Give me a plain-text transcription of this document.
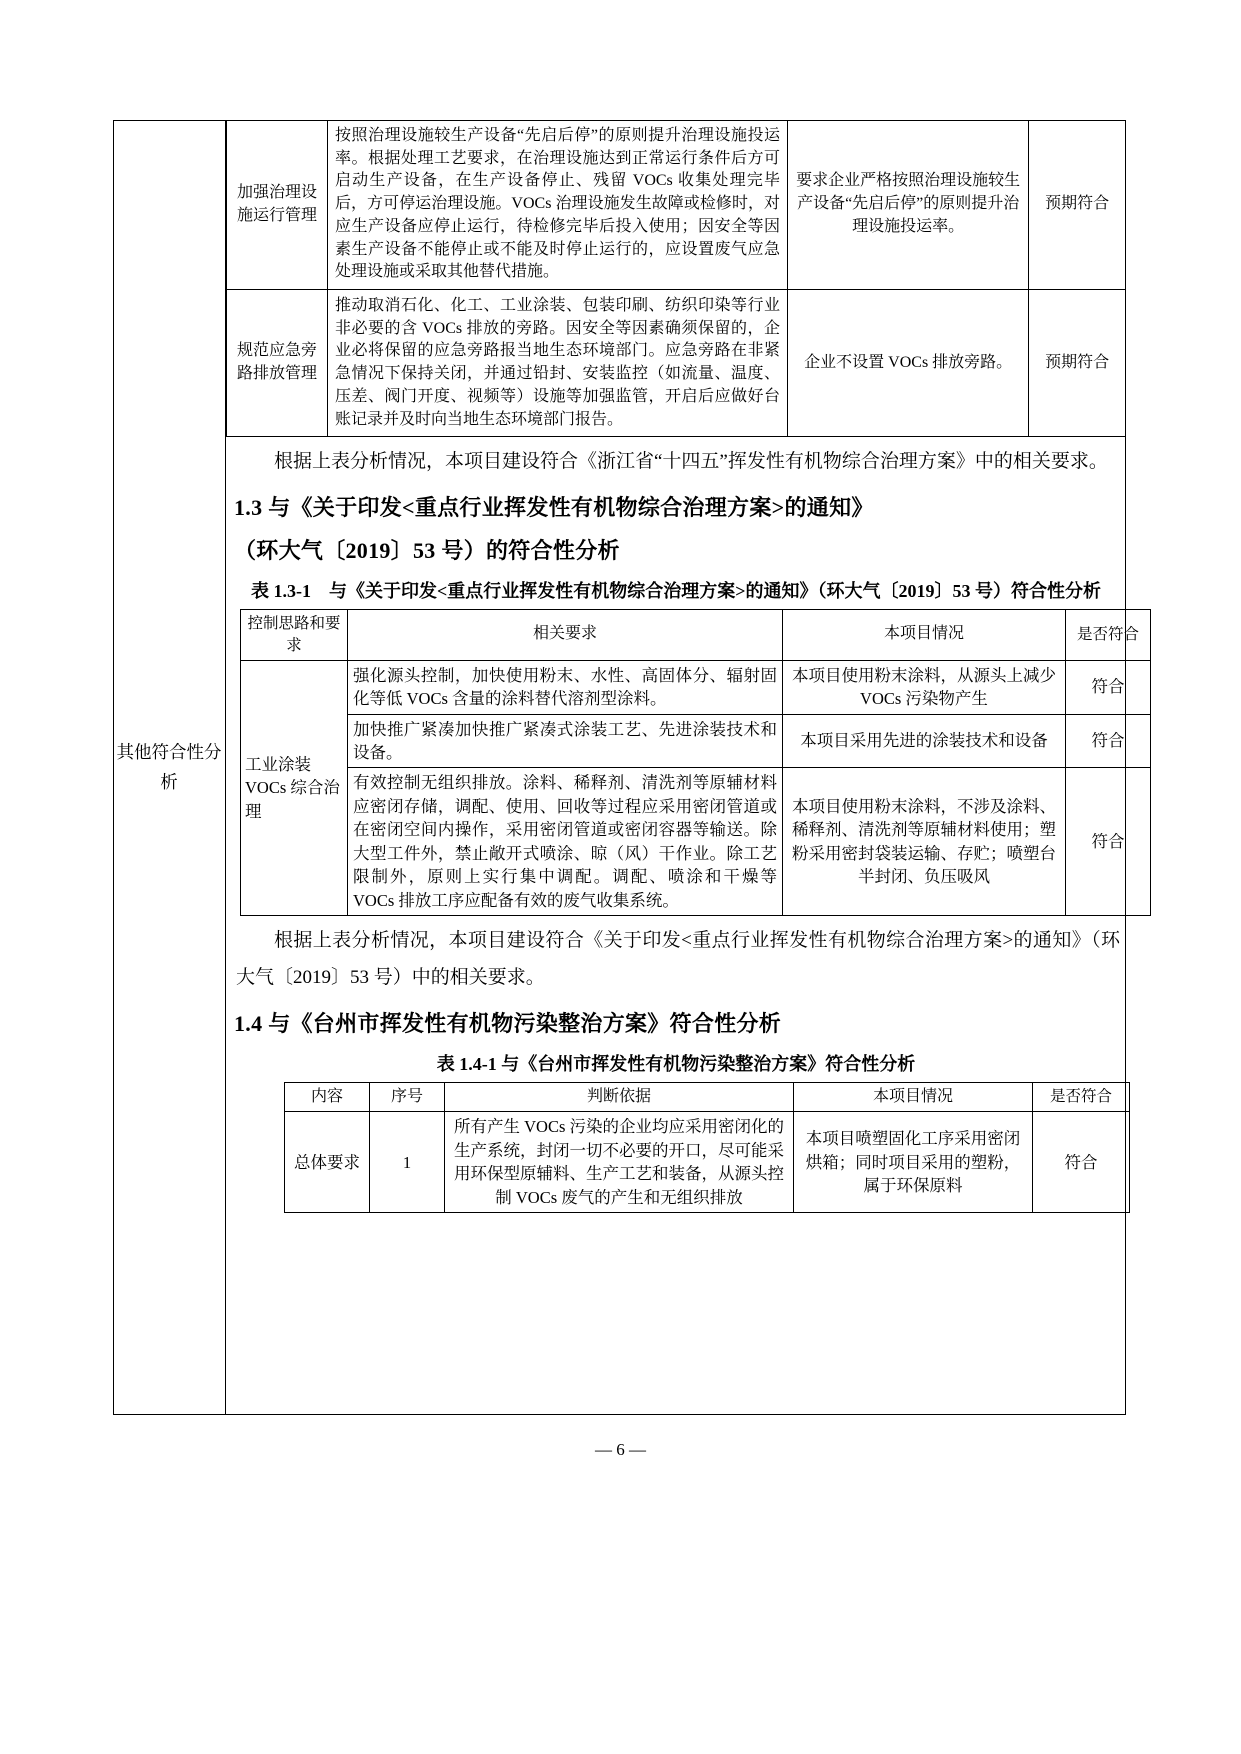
其他符合性分析
加强治理设施运行管理	按照治理设施较生产设备“先启后停”的原则提升治理设施投运率。根据处理工艺要求，在治理设施达到正常运行条件后方可启动生产设备，在生产设备停止、残留 VOCs 收集处理完毕后，方可停运治理设施。VOCs 治理设施发生故障或检修时，对应生产设备应停止运行，待检修完毕后投入使用；因安全等因素生产设备不能停止或不能及时停止运行的，应设置废气应急处理设施或采取其他替代措施。	要求企业严格按照治理设施较生产设备“先启后停”的原则提升治理设施投运率。	预期符合
规范应急旁路排放管理	推动取消石化、化工、工业涂装、包装印刷、纺织印染等行业非必要的含 VOCs 排放的旁路。因安全等因素确须保留的，企业必将保留的应急旁路报当地生态环境部门。应急旁路在非紧急情况下保持关闭，并通过铅封、安装监控（如流量、温度、压差、阀门开度、视频等）设施等加强监管，开启后应做好台账记录并及时向当地生态环境部门报告。	企业不设置 VOCs 排放旁路。	预期符合

根据上表分析情况，本项目建设符合《浙江省“十四五”挥发性有机物综合治理方案》中的相关要求。

1.3 与《关于印发<重点行业挥发性有机物综合治理方案>的通知》
（环大气〔2019〕53 号）的符合性分析
表 1.3-1 与《关于印发<重点行业挥发性有机物综合治理方案>的通知》（环大气〔2019〕53 号）符合性分析
控制思路和要求	相关要求	本项目情况	是否符合
工业涂装VOCs 综合治理	强化源头控制，加快使用粉末、水性、高固体分、辐射固化等低 VOCs 含量的涂料替代溶剂型涂料。	本项目使用粉末涂料，从源头上减少 VOCs 污染物产生	符合
	加快推广紧凑加快推广紧凑式涂装工艺、先进涂装技术和设备。	本项目采用先进的涂装技术和设备	符合
	有效控制无组织排放。涂料、稀释剂、清洗剂等原辅材料应密闭存储，调配、使用、回收等过程应采用密闭管道或在密闭空间内操作，采用密闭管道或密闭容器等输送。除大型工件外，禁止敞开式喷涂、晾（风）干作业。除工艺限制外，原则上实行集中调配。调配、喷涂和干燥等 VOCs 排放工序应配备有效的废气收集系统。	本项目使用粉末涂料，不涉及涂料、稀释剂、清洗剂等原辅材料使用；塑粉采用密封袋装运输、存贮；喷塑台半封闭、负压吸风	符合

根据上表分析情况，本项目建设符合《关于印发<重点行业挥发性有机物综合治理方案>的通知》（环大气〔2019〕53 号）中的相关要求。

1.4 与《台州市挥发性有机物污染整治方案》符合性分析
表 1.4-1 与《台州市挥发性有机物污染整治方案》符合性分析
内容	序号	判断依据	本项目情况	是否符合
总体要求	1	所有产生 VOCs 污染的企业均应采用密闭化的生产系统，封闭一切不必要的开口，尽可能采用环保型原辅料、生产工艺和装备，从源头控制 VOCs 废气的产生和无组织排放	本项目喷塑固化工序采用密闭烘箱；同时项目采用的塑粉，属于环保原料	符合
— 6 —
